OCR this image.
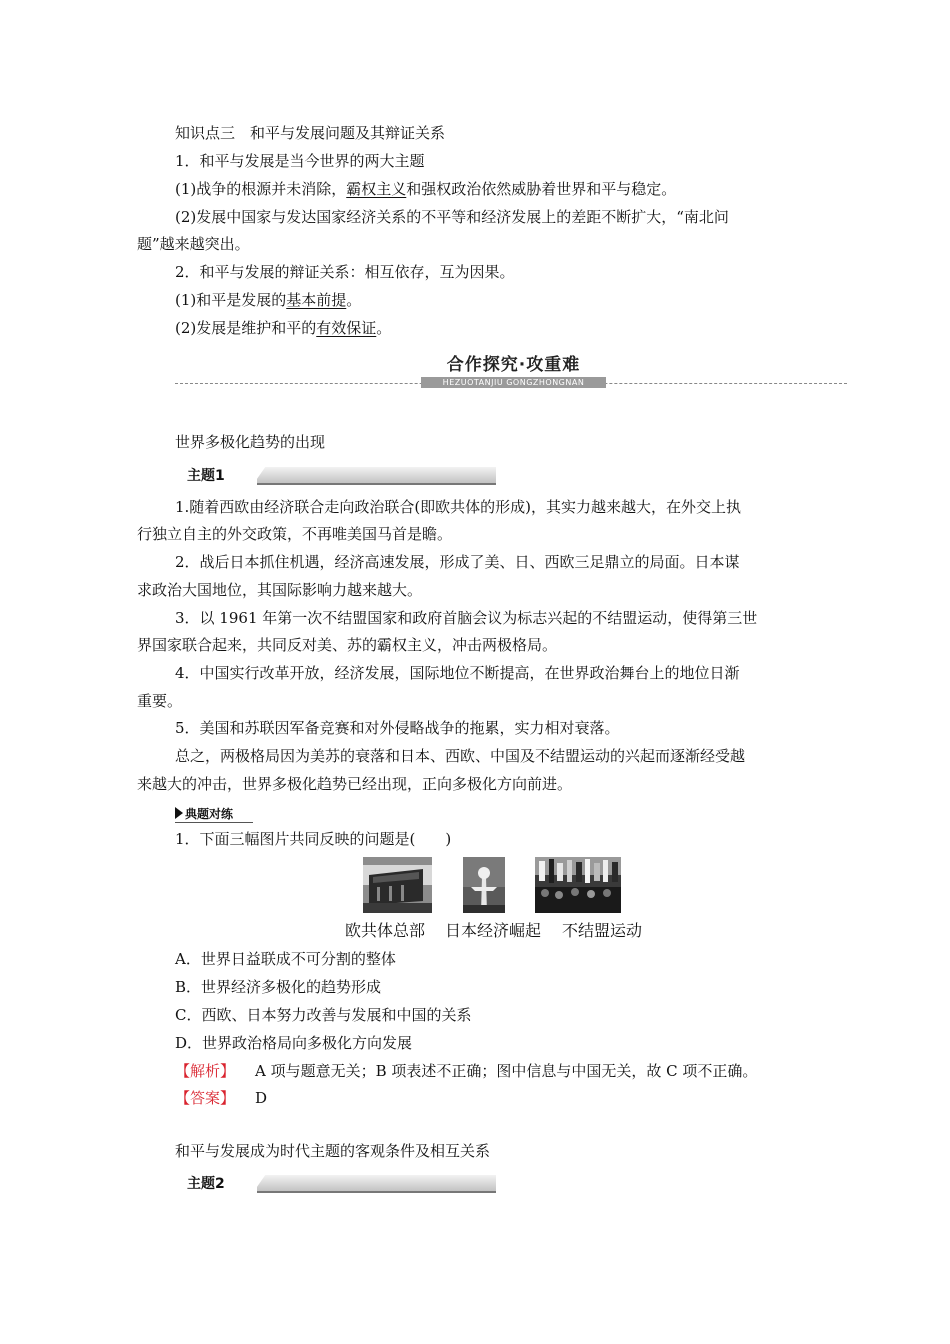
知识点三　和平与发展问题及其辩证关系
1．和平与发展是当今世界的两大主题
(1)战争的根源并未消除，霸权主义和强权政治依然威胁着世界和平与稳定。
(2)发展中国家与发达国家经济关系的不平等和经济发展上的差距不断扩大，“南北问
题”越来越突出。
2．和平与发展的辩证关系：相互依存，互为因果。
(1)和平是发展的基本前提。
(2)发展是维护和平的有效保证。
合作探究·攻重难
HEZUOTANJIU GONGZHONGNAN
世界多极化趋势的出现
主题1
1.随着西欧由经济联合走向政治联合(即欧共体的形成)，其实力越来越大，在外交上执
行独立自主的外交政策，不再唯美国马首是瞻。
2．战后日本抓住机遇，经济高速发展，形成了美、日、西欧三足鼎立的局面。日本谋
求政治大国地位，其国际影响力越来越大。
3．以 1961 年第一次不结盟国家和政府首脑会议为标志兴起的不结盟运动，使得第三世
界国家联合起来，共同反对美、苏的霸权主义，冲击两极格局。
4．中国实行改革开放，经济发展，国际地位不断提高，在世界政治舞台上的地位日渐
重要。
5．美国和苏联因军备竞赛和对外侵略战争的拖累，实力相对衰落。
总之，两极格局因为美苏的衰落和日本、西欧、中国及不结盟运动的兴起而逐渐经受越
来越大的冲击，世界多极化趋势已经出现，正向多极化方向前进。
典题对练
1．下面三幅图片共同反映的问题是(　　)
欧共体总部 日本经济崛起 不结盟运动
A．世界日益联成不可分割的整体
B．世界经济多极化的趋势形成
C．西欧、日本努力改善与发展和中国的关系
D．世界政治格局向多极化方向发展
【解析】 A 项与题意无关；B 项表述不正确；图中信息与中国无关，故 C 项不正确。
【答案】 D
和平与发展成为时代主题的客观条件及相互关系
主题2
